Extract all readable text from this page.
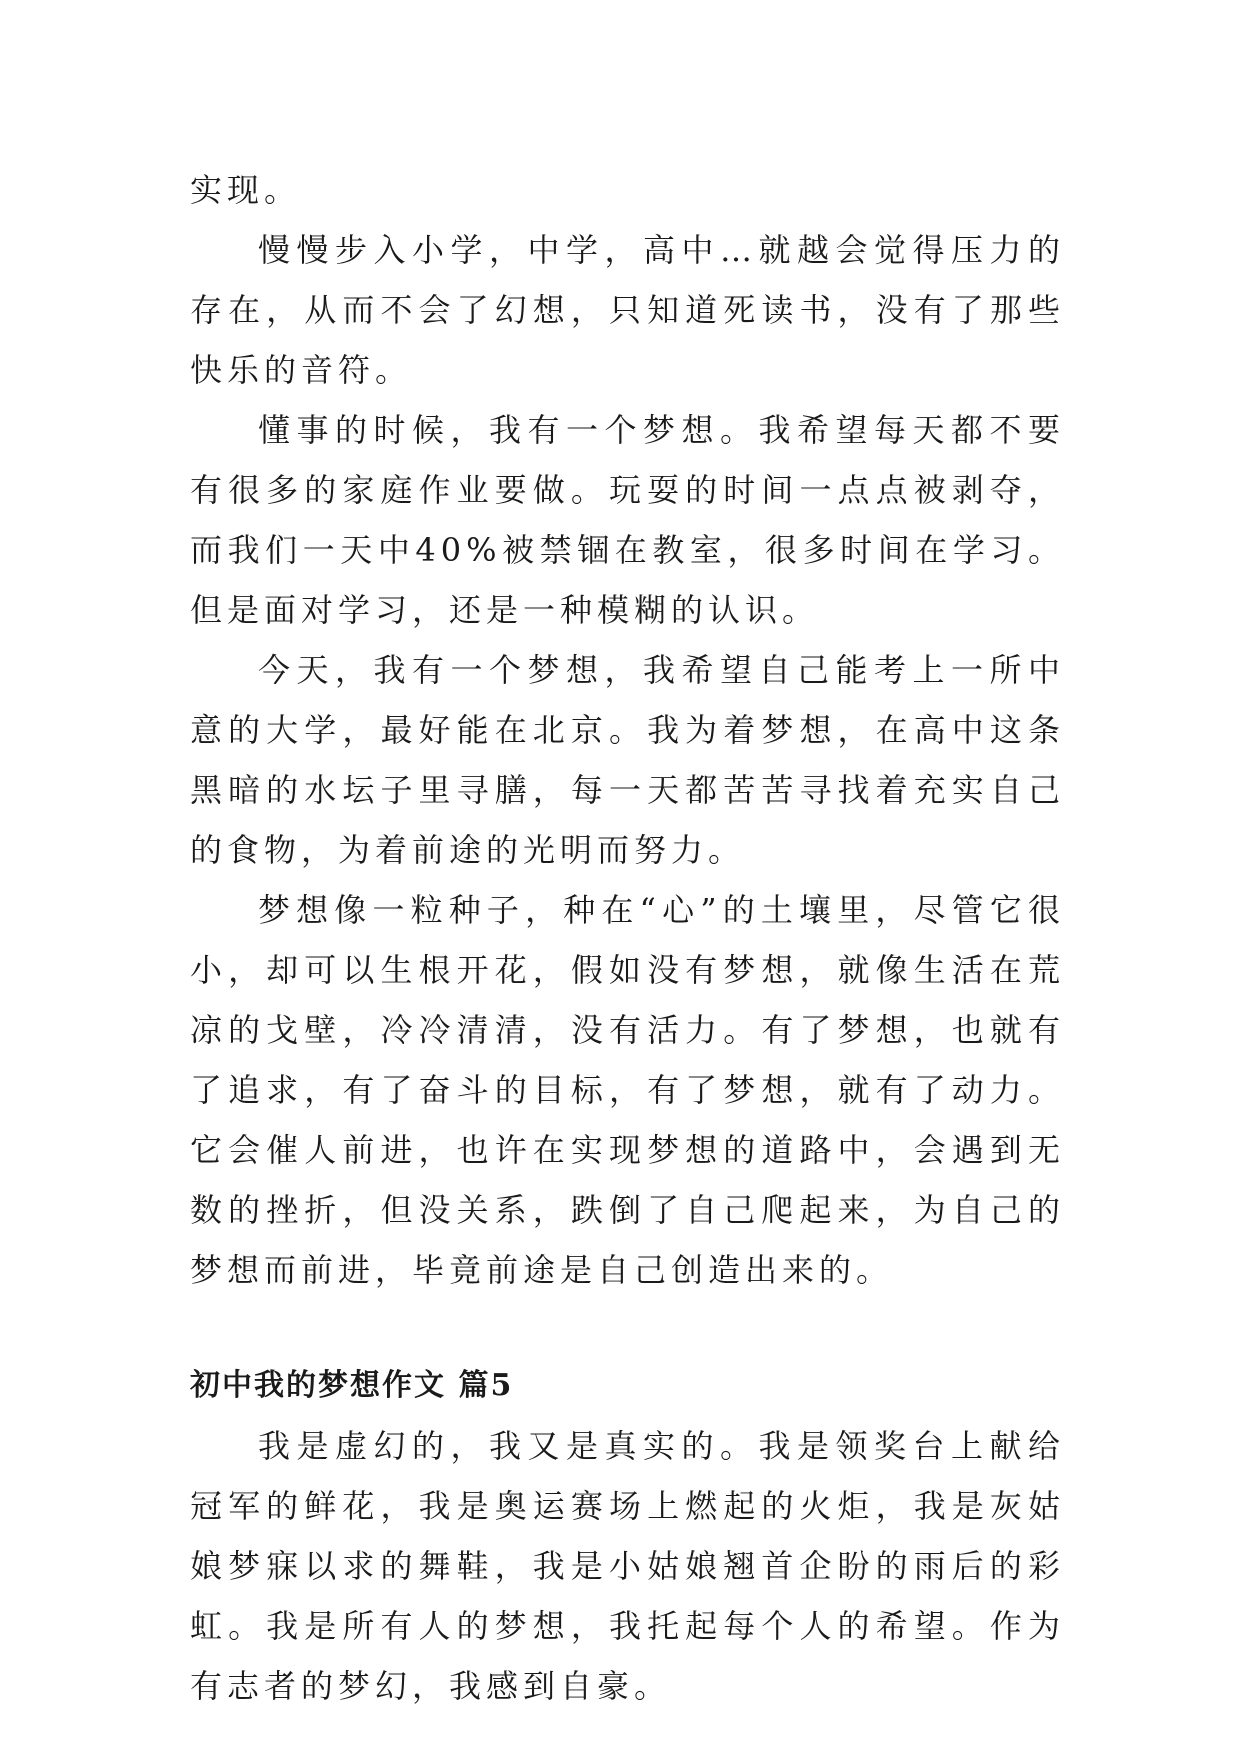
实现。

慢慢步入小学，中学，高中…就越会觉得压力的存在，从而不会了幻想，只知道死读书，没有了那些快乐的音符。

懂事的时候，我有一个梦想。我希望每天都不要有很多的家庭作业要做。玩耍的时间一点点被剥夺，而我们一天中40%被禁锢在教室，很多时间在学习。但是面对学习，还是一种模糊的认识。

今天，我有一个梦想，我希望自己能考上一所中意的大学，最好能在北京。我为着梦想，在高中这条黑暗的水坛子里寻膳，每一天都苦苦寻找着充实自己的食物，为着前途的光明而努力。

梦想像一粒种子，种在“心”的土壤里，尽管它很小，却可以生根开花，假如没有梦想，就像生活在荒凉的戈壁，冷冷清清，没有活力。有了梦想，也就有了追求，有了奋斗的目标，有了梦想，就有了动力。它会催人前进，也许在实现梦想的道路中，会遇到无数的挫折，但没关系，跌倒了自己爬起来，为自己的梦想而前进，毕竟前途是自己创造出来的。

初中我的梦想作文 篇5

我是虚幻的，我又是真实的。我是领奖台上献给冠军的鲜花，我是奥运赛场上燃起的火炬，我是灰姑娘梦寐以求的舞鞋，我是小姑娘翘首企盼的雨后的彩虹。我是所有人的梦想，我托起每个人的希望。作为有志者的梦幻，我感到自豪。
